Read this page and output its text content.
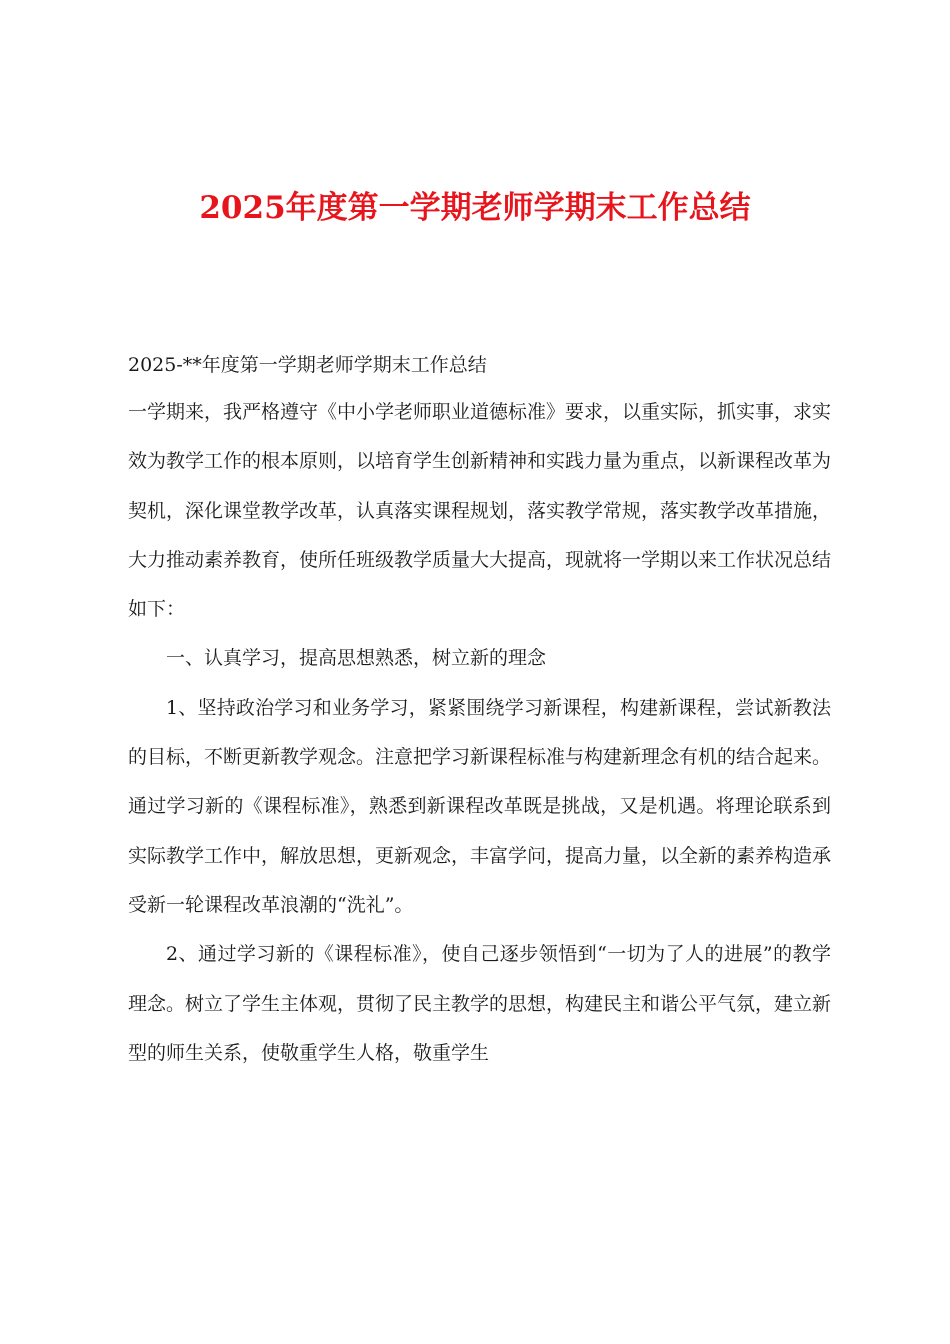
2025年度第一学期老师学期末工作总结

2025-**年度第一学期老师学期末工作总结

一学期来，我严格遵守《中小学老师职业道德标准》要求，以重实际，抓实事，求实效为教学工作的根本原则，以培育学生创新精神和实践力量为重点，以新课程改革为契机，深化课堂教学改革，认真落实课程规划，落实教学常规，落实教学改革措施，大力推动素养教育，使所任班级教学质量大大提高，现就将一学期以来工作状况总结如下：

一、认真学习，提高思想熟悉，树立新的理念

1、坚持政治学习和业务学习，紧紧围绕学习新课程，构建新课程，尝试新教法的目标，不断更新教学观念。注意把学习新课程标准与构建新理念有机的结合起来。通过学习新的《课程标准》，熟悉到新课程改革既是挑战，又是机遇。将理论联系到实际教学工作中，解放思想，更新观念，丰富学问，提高力量，以全新的素养构造承受新一轮课程改革浪潮的“洗礼”。

2、通过学习新的《课程标准》，使自己逐步领悟到“一切为了人的进展”的教学理念。树立了学生主体观，贯彻了民主教学的思想，构建民主和谐公平气氛，建立新型的师生关系，使敬重学生人格，敬重学生
